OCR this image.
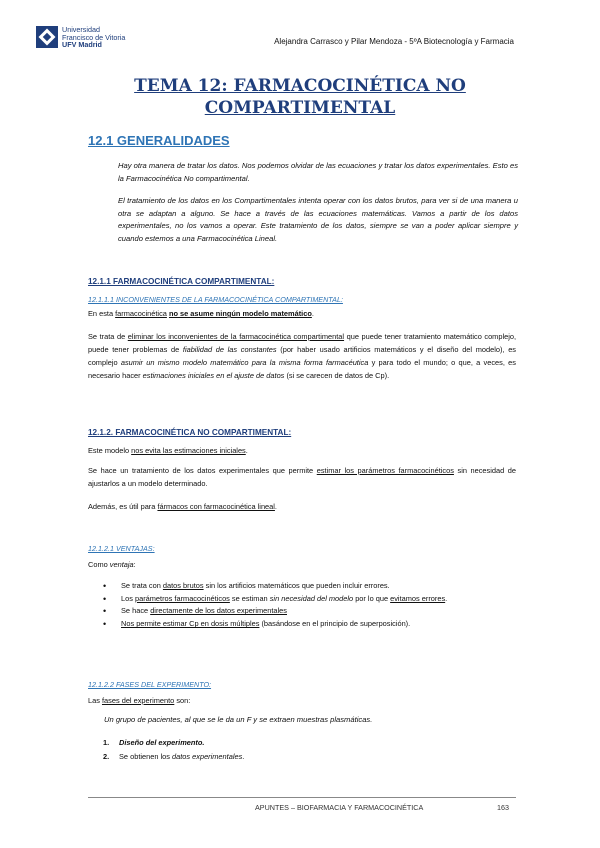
Universidad
Francisco de Vitoria
UFV Madrid	Alejandra Carrasco y Pilar Mendoza - 5ºA Biotecnología y Farmacia
TEMA 12: FARMACOCINÉTICA NO COMPARTIMENTAL
12.1 GENERALIDADES

Hay otra manera de tratar los datos. Nos podemos olvidar de las ecuaciones y tratar los datos experimentales. Esto es la Farmacocinética No compartimental.

El tratamiento de los datos en los Compartimentales intenta operar con los datos brutos, para ver si de una manera u otra se adaptan a alguno. Se hace a través de las ecuaciones matemáticas. Vamos a partir de los datos experimentales, no los vamos a operar. Este tratamiento de los datos, siempre se van a poder aplicar siempre y cuando estemos a una Farmacocinética Lineal.

12.1.1 FARMACOCINÉTICA COMPARTIMENTAL:

12.1.1.1 INCONVENIENTES DE LA FARMACOCINÉTICA COMPARTIMENTAL:

En esta farmacocinética no se asume ningún modelo matemático.

Se trata de eliminar los inconvenientes de la farmacocinética compartimental que puede tener tratamiento matemático complejo, puede tener problemas de fiabilidad de las constantes (por haber usado artificios matemáticos y el diseño del modelo), es complejo asumir un mismo modelo matemático para la misma forma farmacéutica y para todo el mundo; o que, a veces, es necesario hacer estimaciones iniciales en el ajuste de datos (si se carecen de datos de Cp).

12.1.2. FARMACOCINÉTICA NO COMPARTIMENTAL:

Este modelo nos evita las estimaciones iniciales.

Se hace un tratamiento de los datos experimentales que permite estimar los parámetros farmacocinéticos sin necesidad de ajustarlos a un modelo determinado.

Además, es útil para fármacos con farmacocinética lineal.

12.1.2.1 VENTAJAS:

Como ventaja:

• Se trata con datos brutos sin los artificios matemáticos que pueden incluir errores.
• Los parámetros farmacocinéticos se estiman sin necesidad del modelo por lo que evitamos errores.
• Se hace directamente de los datos experimentales
• Nos permite estimar Cp en dosis múltiples (basándose en el principio de superposición).

12.1.2.2 FASES DEL EXPERIMENTO:

Las fases del experimento son:

Un grupo de pacientes, al que se le da un F y se extraen muestras plasmáticas.

1. Diseño del experimento.
2. Se obtienen los datos experimentales.
APUNTES – BIOFARMACIA Y FARMACOCINÉTICA	163
